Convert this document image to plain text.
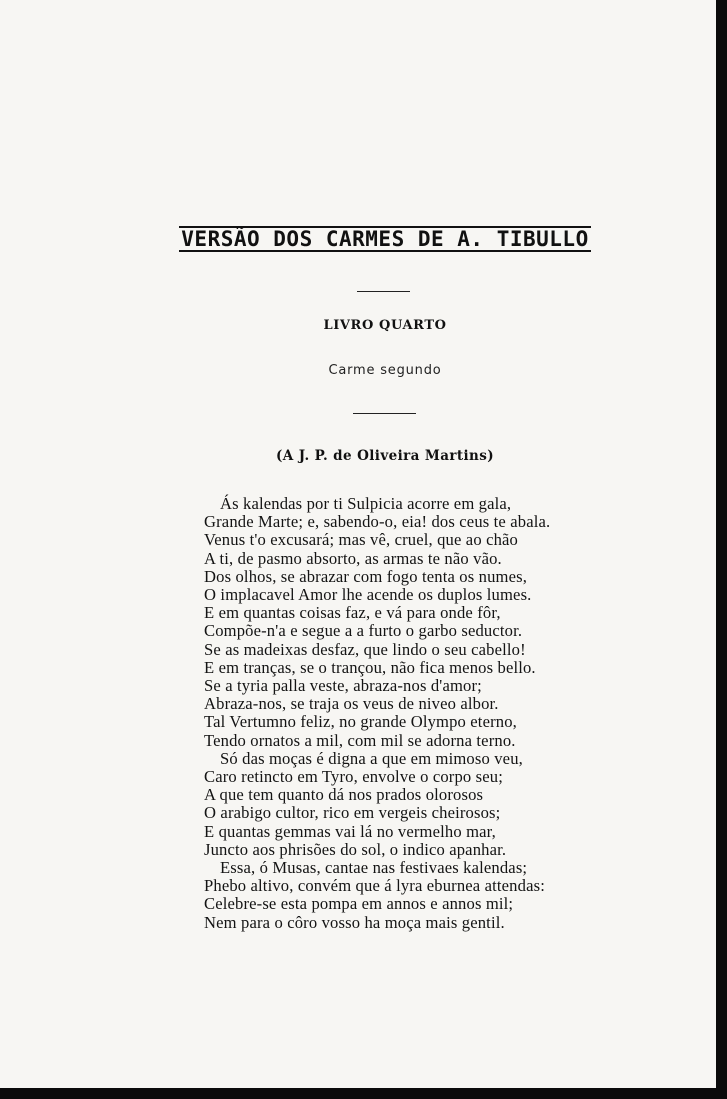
VERSÃO DOS CARMES DE A. TIBULLO
LIVRO QUARTO
Carme segundo
(A J. P. de Oliveira Martins)
Ás kalendas por ti Sulpicia acorre em gala,
Grande Marte; e, sabendo-o, eia! dos ceus te abala.
Venus t'o excusará; mas vê, cruel, que ao chão
A ti, de pasmo absorto, as armas te não vão.
Dos olhos, se abrazar com fogo tenta os numes,
O implacavel Amor lhe acende os duplos lumes.
E em quantas coisas faz, e vá para onde fôr,
Compõe-n'a e segue a a furto o garbo seductor.
Se as madeixas desfaz, que lindo o seu cabello!
E em tranças, se o trançou, não fica menos bello.
Se a tyria palla veste, abraza-nos d'amor;
Abraza-nos, se traja os veus de niveo albor.
Tal Vertumno feliz, no grande Olympo eterno,
Tendo ornatos a mil, com mil se adorna terno.
Só das moças é digna a que em mimoso veu,
Caro retincto em Tyro, envolve o corpo seu;
A que tem quanto dá nos prados olorosos
O arabigo cultor, rico em vergeis cheirosos;
E quantas gemmas vai lá no vermelho mar,
Juncto aos phrisões do sol, o indico apanhar.
Essa, ó Musas, cantae nas festivaes kalendas;
Phebo altivo, convém que á lyra eburnea attendas:
Celebre-se esta pompa em annos e annos mil;
Nem para o côro vosso ha moça mais gentil.
